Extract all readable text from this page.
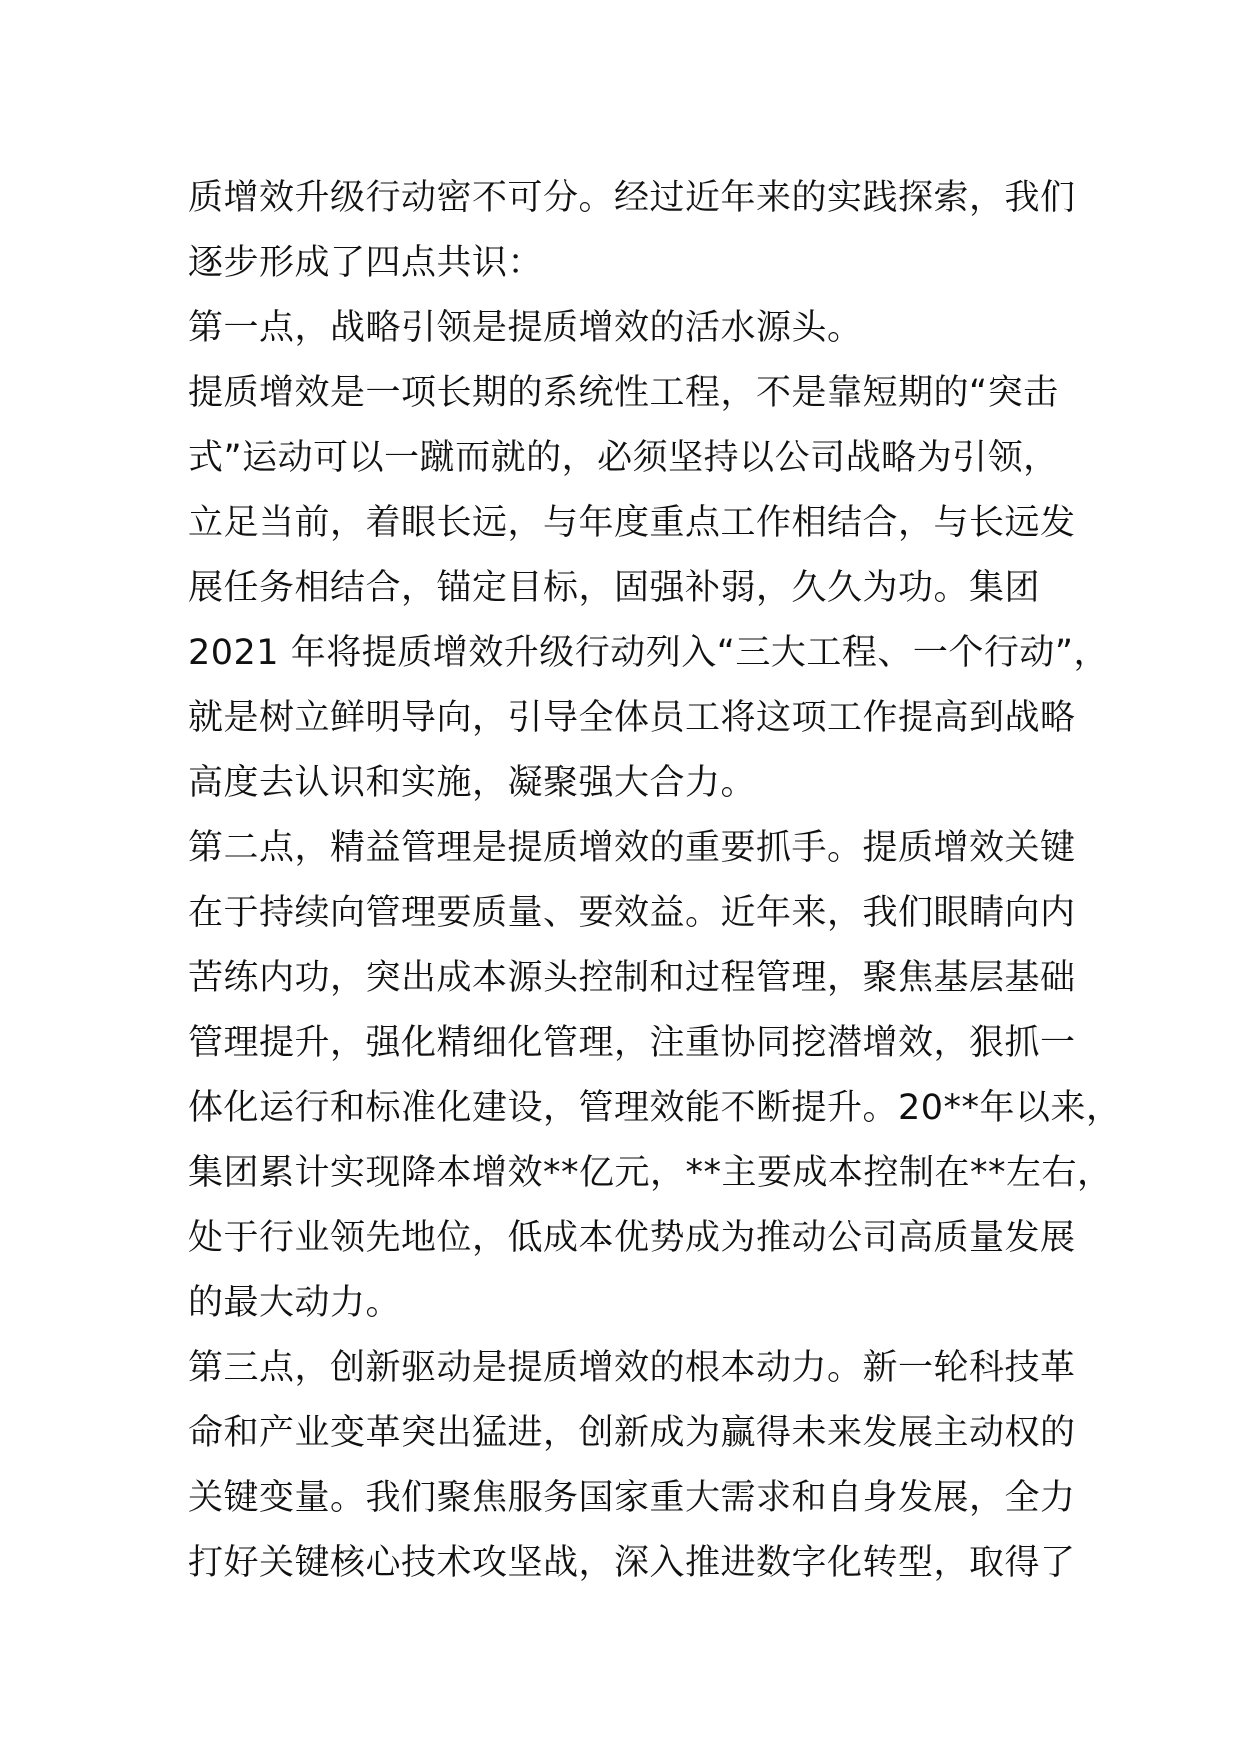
质增效升级行动密不可分。经过近年来的实践探索，我们
逐步形成了四点共识：
第一点，战略引领是提质增效的活水源头。
提质增效是一项长期的系统性工程，不是靠短期的“突击
式”运动可以一蹴而就的，必须坚持以公司战略为引领，
立足当前，着眼长远，与年度重点工作相结合，与长远发
展任务相结合，锚定目标，固强补弱，久久为功。集团
2021 年将提质增效升级行动列入“三大工程、一个行动”，
就是树立鲜明导向，引导全体员工将这项工作提高到战略
高度去认识和实施，凝聚强大合力。
第二点，精益管理是提质增效的重要抓手。提质增效关键
在于持续向管理要质量、要效益。近年来，我们眼睛向内
苦练内功，突出成本源头控制和过程管理，聚焦基层基础
管理提升，强化精细化管理，注重协同挖潜增效，狠抓一
体化运行和标准化建设，管理效能不断提升。20**年以来，
集团累计实现降本增效**亿元，**主要成本控制在**左右，
处于行业领先地位，低成本优势成为推动公司高质量发展
的最大动力。
第三点，创新驱动是提质增效的根本动力。新一轮科技革
命和产业变革突出猛进，创新成为赢得未来发展主动权的
关键变量。我们聚焦服务国家重大需求和自身发展，全力
打好关键核心技术攻坚战，深入推进数字化转型，取得了
